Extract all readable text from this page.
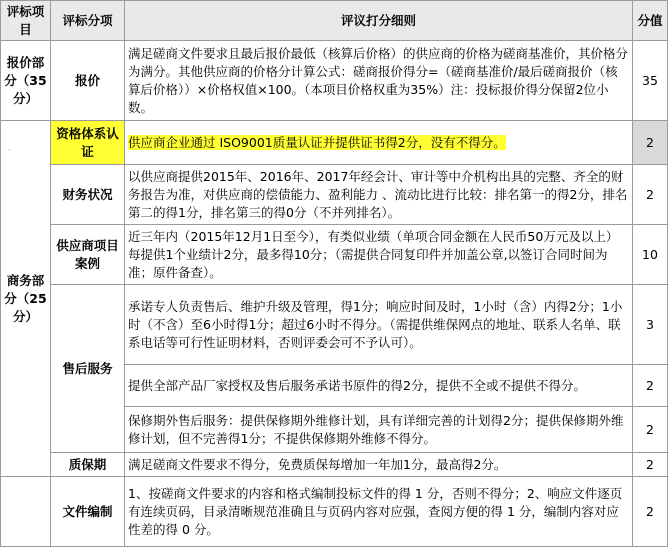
评标项目	评标分项	评议打分细则	分值
报价部分（35分）	报价	满足磋商文件要求且最后报价最低（核算后价格）的供应商的价格为磋商基准价，其价格分为满分。其他供应商的价格分计算公式：磋商报价得分=（磋商基准价/最后磋商报价（核算后价格））×价格权值×100。（本项目价格权重为35%）注：投标报价得分保留2位小数。	35
商务部分（25分）	资格体系认证	供应商企业通过 ISO9001质量认证并提供证书得2分，没有不得分。	2
	财务状况	以供应商提供2015年、2016年、2017年经会计、审计等中介机构出具的完整、齐全的财务报告为准，对供应商的偿债能力、盈利能力 、流动比进行比较：排名第一的得2分，排名第二的得1分，排名第三的得0分（不并列排名）。	2
	供应商项目案例	近三年内（2015年12月1日至今），有类似业绩（单项合同金额在人民币50万元及以上）每提供1个业绩计2分，最多得10分；（需提供合同复印件并加盖公章,以签订合同时间为准；原件备查）。	10
	售后服务	承诺专人负责售后、维护升级及管理，得1分；响应时间及时，1小时（含）内得2分；1小时（不含）至6小时得1分；超过6小时不得分。（需提供维保网点的地址、联系人名单、联系电话等可行性证明材料，否则评委会可不予认可）。	3
		提供全部产品厂家授权及售后服务承诺书原件的得2分，提供不全或不提供不得分。	2
		保修期外售后服务：提供保修期外维修计划，具有详细完善的计划得2分；提供保修期外维修计划，但不完善得1分；不提供保修期外维修不得分。	2
	质保期	满足磋商文件要求不得分，免费质保每增加一年加1分，最高得2分。	2
	文件编制	1、按磋商文件要求的内容和格式编制投标文件的得 1 分，否则不得分；2、响应文件逐页有连续页码，目录清晰规范准确且与页码内容对应强，查阅方便的得 1 分，编制内容对应性差的得 0 分。	2
·
